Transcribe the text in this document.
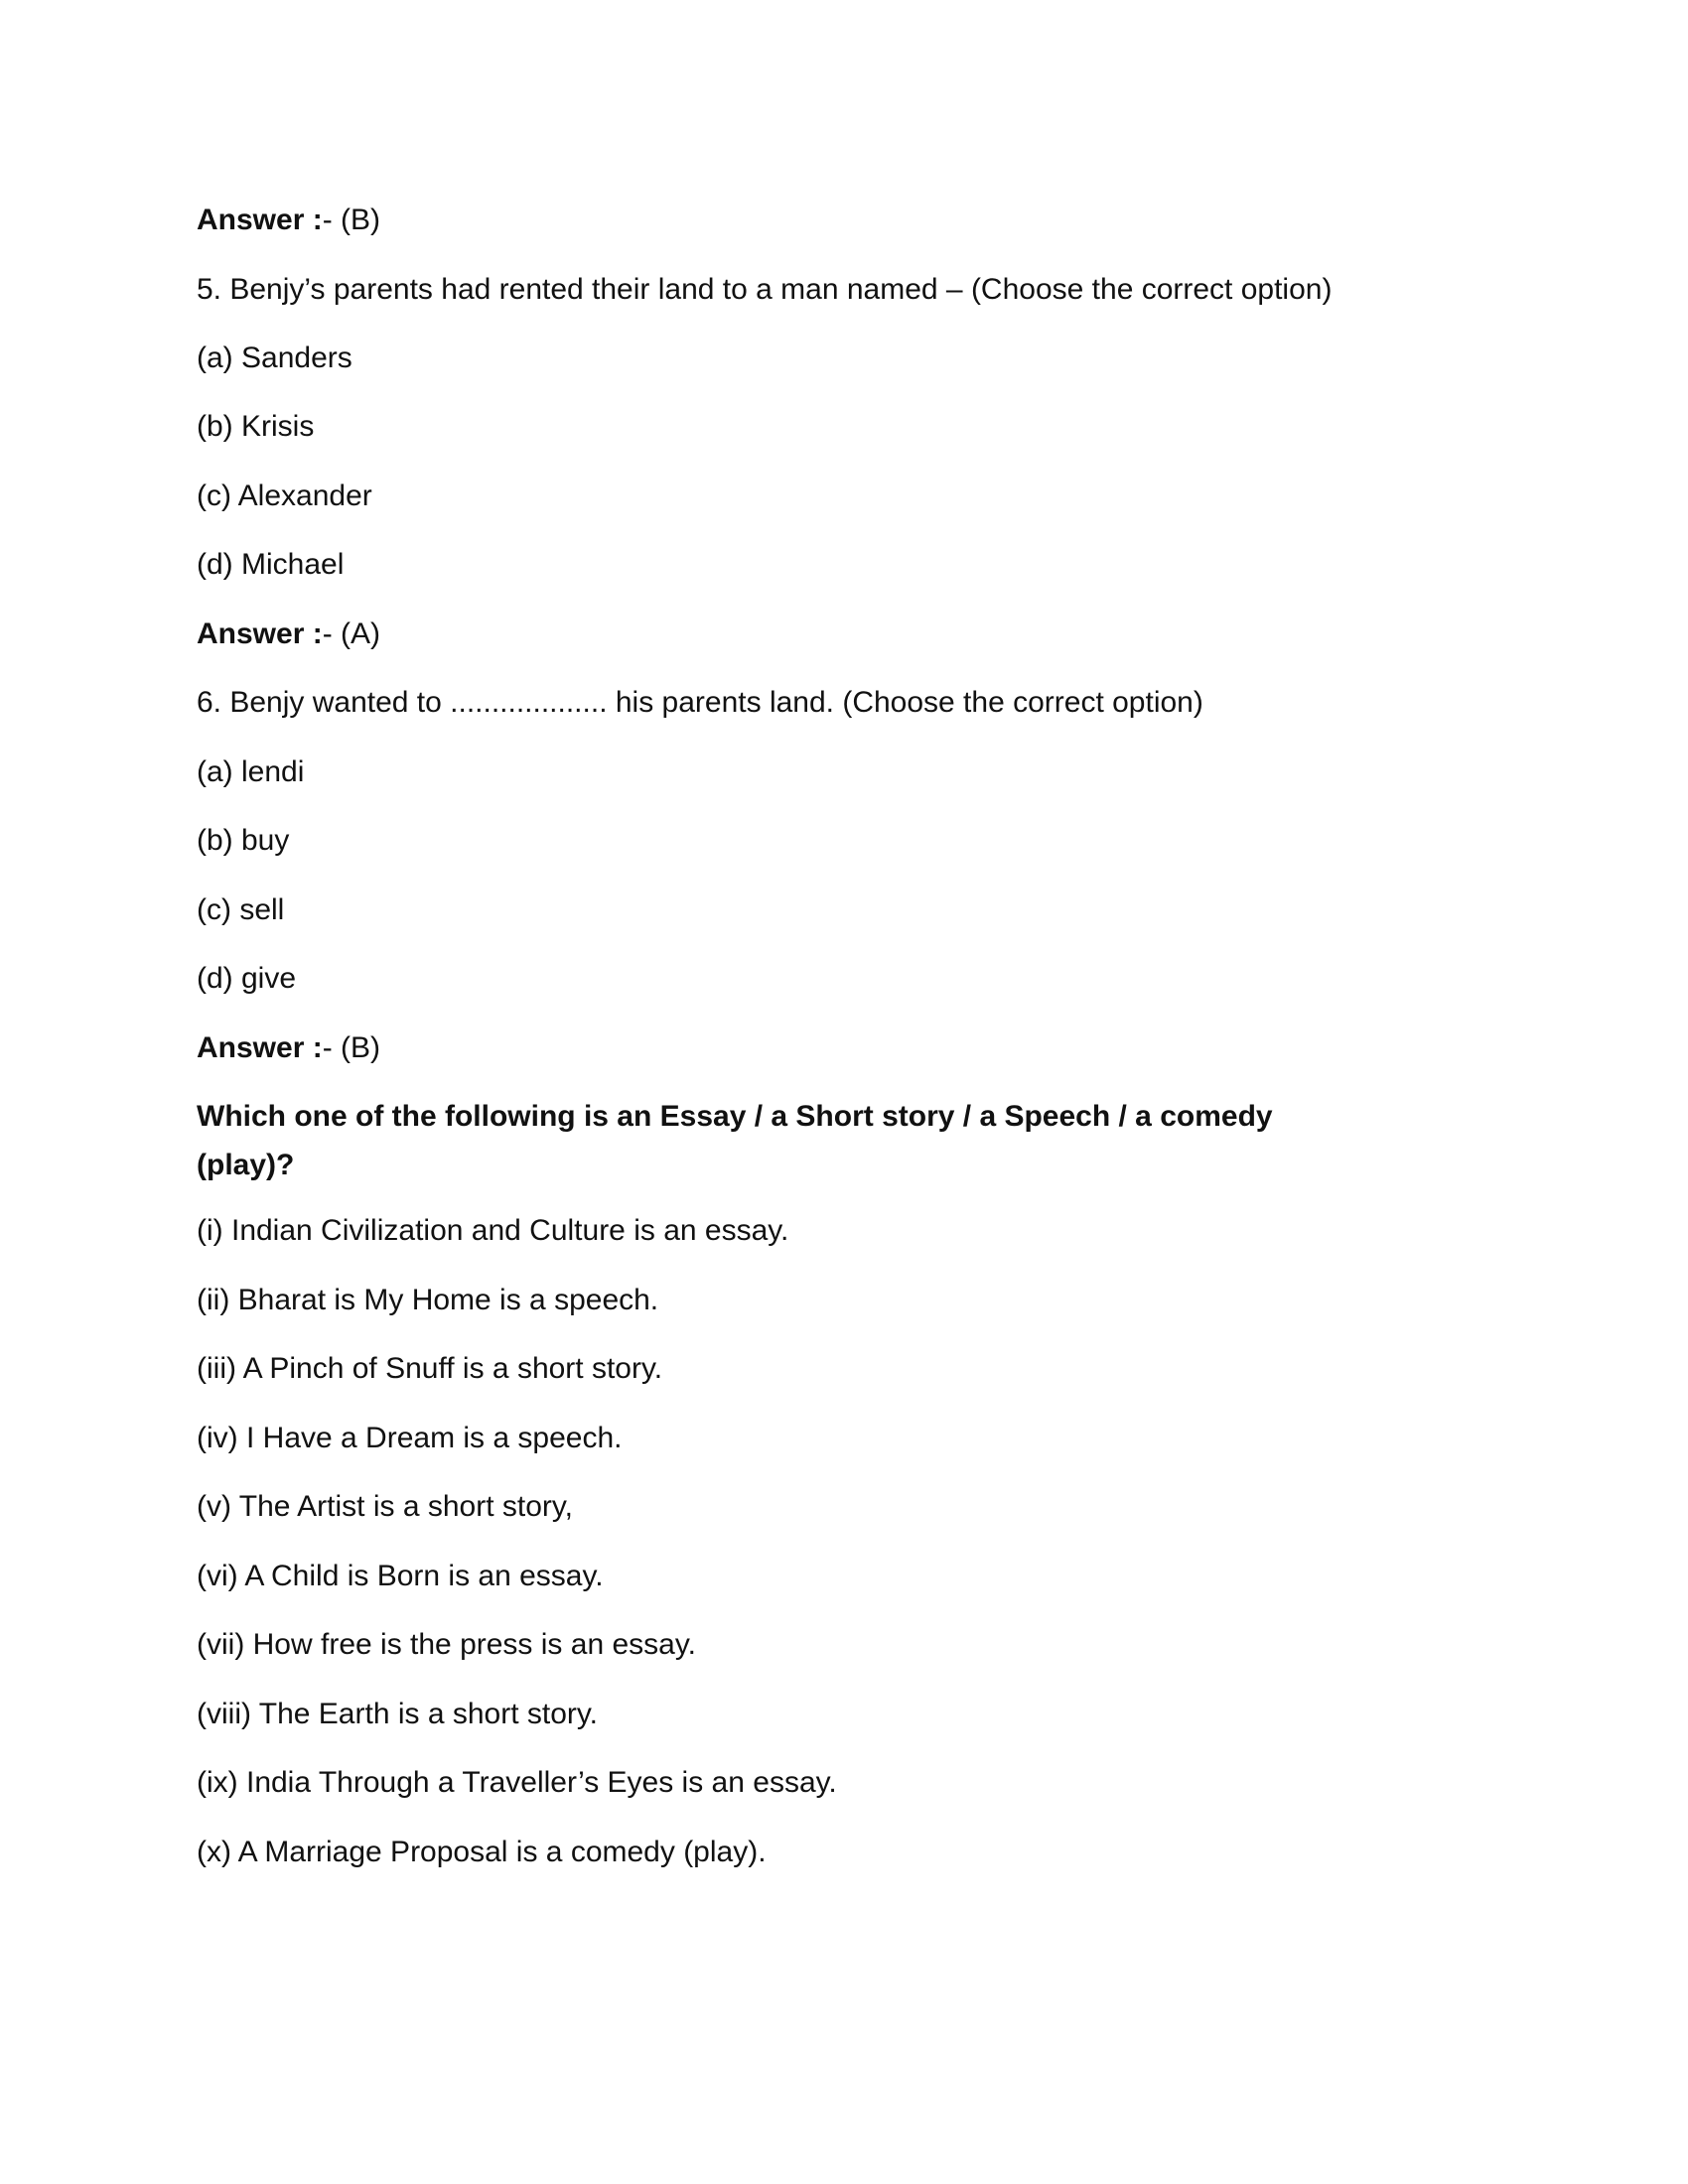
Answer :- (B)
5. Benjy’s parents had rented their land to a man named – (Choose the correct option)
(a) Sanders
(b) Krisis
(c) Alexander
(d) Michael
Answer :- (A)
6. Benjy wanted to ................... his parents land. (Choose the correct option)
(a) lendi
(b) buy
(c) sell
(d) give
Answer :- (B)
Which one of the following is an Essay / a Short story / a Speech / a comedy
(play)?
(i) Indian Civilization and Culture is an essay.
(ii) Bharat is My Home is a speech.
(iii) A Pinch of Snuff is a short story.
(iv) I Have a Dream is a speech.
(v) The Artist is a short story,
(vi) A Child is Born is an essay.
(vii) How free is the press is an essay.
(viii) The Earth is a short story.
(ix) India Through a Traveller’s Eyes is an essay.
(x) A Marriage Proposal is a comedy (play).
